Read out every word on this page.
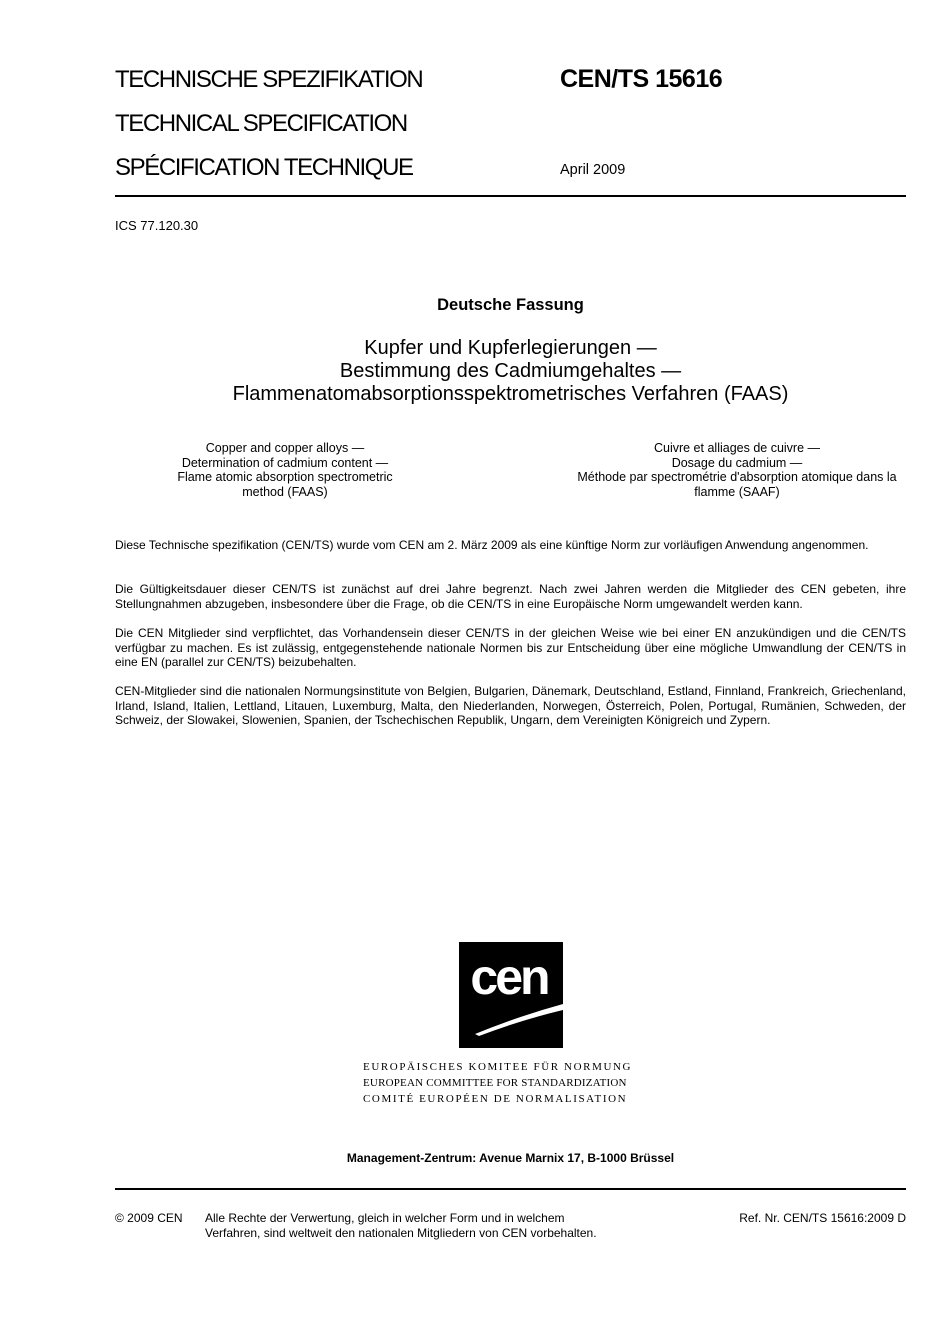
TECHNISCHE SPEZIFIKATION
TECHNICAL SPECIFICATION
SPÉCIFICATION TECHNIQUE
CEN/TS 15616
April 2009
ICS 77.120.30
Deutsche Fassung
Kupfer und Kupferlegierungen —
Bestimmung des Cadmiumgehaltes —
Flammenatomabsorptionsspektrometrisches Verfahren (FAAS)
Copper and copper alloys —
Determination of cadmium content —
Flame atomic absorption spectrometric
method (FAAS)
Cuivre et alliages de cuivre —
Dosage du cadmium —
Méthode par spectrométrie d'absorption atomique dans la
flamme (SAAF)
Diese Technische spezifikation (CEN/TS) wurde vom CEN am 2. März 2009 als eine künftige Norm zur vorläufigen Anwendung angenommen.
Die Gültigkeitsdauer dieser CEN/TS ist zunächst auf drei Jahre begrenzt. Nach zwei Jahren werden die Mitglieder des CEN gebeten, ihre Stellungnahmen abzugeben, insbesondere über die Frage, ob die CEN/TS in eine Europäische Norm umgewandelt werden kann.
Die CEN Mitglieder sind verpflichtet, das Vorhandensein dieser CEN/TS in der gleichen Weise wie bei einer EN anzukündigen und die CEN/TS verfügbar zu machen. Es ist zulässig, entgegenstehende nationale Normen bis zur Entscheidung über eine mögliche Umwandlung der CEN/TS in eine EN (parallel zur CEN/TS) beizubehalten.
CEN-Mitglieder sind die nationalen Normungsinstitute von Belgien, Bulgarien, Dänemark, Deutschland, Estland, Finnland, Frankreich, Griechenland, Irland, Island, Italien, Lettland, Litauen, Luxemburg, Malta, den Niederlanden, Norwegen, Österreich, Polen, Portugal, Rumänien, Schweden, der Schweiz, der Slowakei, Slowenien, Spanien, der Tschechischen Republik, Ungarn, dem Vereinigten Königreich und Zypern.
cen
EUROPÄISCHES KOMITEE FÜR NORMUNG
EUROPEAN COMMITTEE FOR STANDARDIZATION
COMITÉ EUROPÉEN DE NORMALISATION
Management-Zentrum: Avenue Marnix 17, B-1000 Brüssel
© 2009 CEN Alle Rechte der Verwertung, gleich in welcher Form und in welchem
Verfahren, sind weltweit den nationalen Mitgliedern von CEN vorbehalten.
Ref. Nr. CEN/TS 15616:2009 D
